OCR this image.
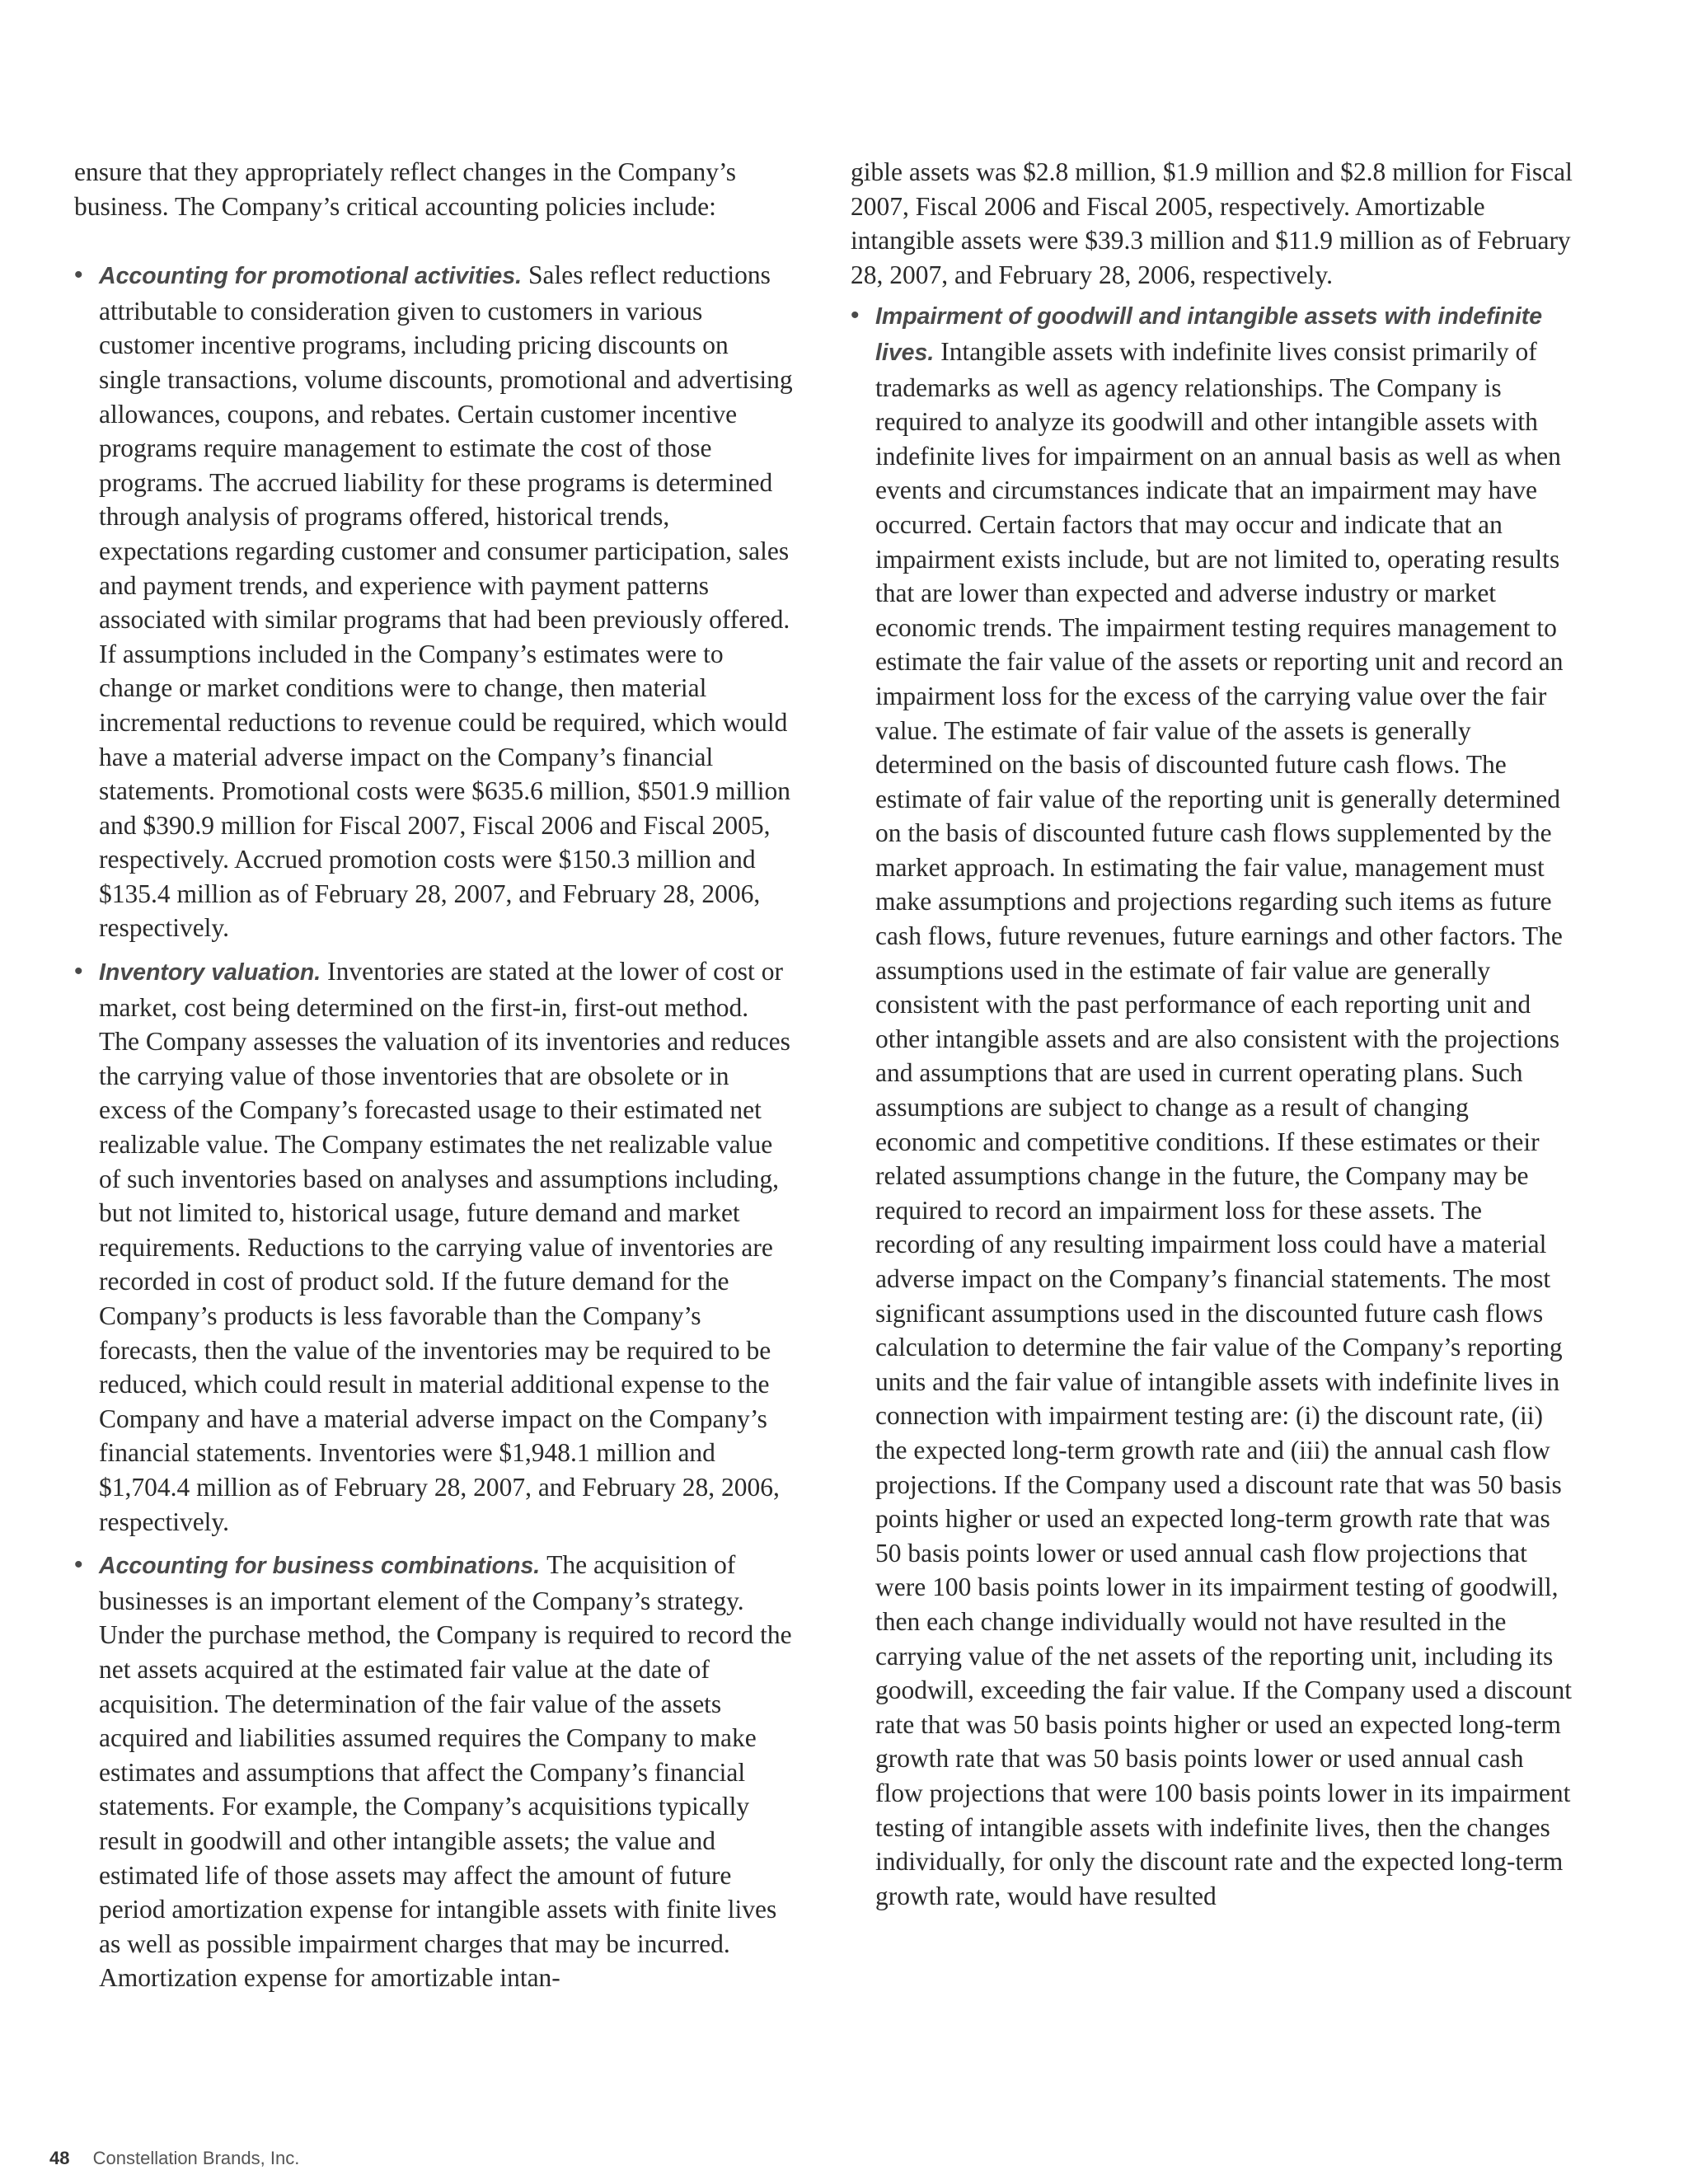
ensure that they appropriately reflect changes in the Company’s business. The Company’s critical accounting policies include:

• Accounting for promotional activities. Sales reflect reductions attributable to consideration given to customers in various customer incentive programs, including pricing discounts on single transactions, volume discounts, promotional and advertising allowances, coupons, and rebates. Certain customer incentive programs require management to estimate the cost of those programs. The accrued liability for these programs is determined through analysis of programs offered, historical trends, expectations regarding customer and consumer participation, sales and payment trends, and experience with payment patterns associated with similar programs that had been previously offered. If assumptions included in the Company’s estimates were to change or market conditions were to change, then material incremental reductions to revenue could be required, which would have a material adverse impact on the Company’s financial statements. Promotional costs were $635.6 million, $501.9 million and $390.9 million for Fiscal 2007, Fiscal 2006 and Fiscal 2005, respectively. Accrued promotion costs were $150.3 million and $135.4 million as of February 28, 2007, and February 28, 2006, respectively.
• Inventory valuation. Inventories are stated at the lower of cost or market, cost being determined on the first-in, first-out method. The Company assesses the valuation of its inventories and reduces the carrying value of those inventories that are obsolete or in excess of the Company’s forecasted usage to their estimated net realizable value. The Company estimates the net realizable value of such inventories based on analyses and assumptions including, but not limited to, historical usage, future demand and market requirements. Reductions to the carrying value of inventories are recorded in cost of product sold. If the future demand for the Company’s products is less favorable than the Company’s forecasts, then the value of the inventories may be required to be reduced, which could result in material additional expense to the Company and have a material adverse impact on the Company’s financial statements. Inventories were $1,948.1 million and $1,704.4 million as of February 28, 2007, and February 28, 2006, respectively.
• Accounting for business combinations. The acquisition of businesses is an important element of the Company’s strategy. Under the purchase method, the Company is required to record the net assets acquired at the estimated fair value at the date of acquisition. The determination of the fair value of the assets acquired and liabilities assumed requires the Company to make estimates and assumptions that affect the Company’s financial statements. For example, the Company’s acquisitions typically result in goodwill and other intangible assets; the value and estimated life of those assets may affect the amount of future period amortization expense for intangible assets with finite lives as well as possible impairment charges that may be incurred. Amortization expense for amortizable intan-

gible assets was $2.8 million, $1.9 million and $2.8 million for Fiscal 2007, Fiscal 2006 and Fiscal 2005, respectively. Amortizable intangible assets were $39.3 million and $11.9 million as of February 28, 2007, and February 28, 2006, respectively.

• Impairment of goodwill and intangible assets with indefinite lives. Intangible assets with indefinite lives consist primarily of trademarks as well as agency relationships. The Company is required to analyze its goodwill and other intangible assets with indefinite lives for impairment on an annual basis as well as when events and circumstances indicate that an impairment may have occurred. Certain factors that may occur and indicate that an impairment exists include, but are not limited to, operating results that are lower than expected and adverse industry or market economic trends. The impairment testing requires management to estimate the fair value of the assets or reporting unit and record an impairment loss for the excess of the carrying value over the fair value. The estimate of fair value of the assets is generally determined on the basis of discounted future cash flows. The estimate of fair value of the reporting unit is generally determined on the basis of discounted future cash flows supplemented by the market approach. In estimating the fair value, management must make assumptions and projections regarding such items as future cash flows, future revenues, future earnings and other factors. The assumptions used in the estimate of fair value are generally consistent with the past performance of each reporting unit and other intangible assets and are also consistent with the projections and assumptions that are used in current operating plans. Such assumptions are subject to change as a result of changing economic and competitive conditions. If these estimates or their related assumptions change in the future, the Company may be required to record an impairment loss for these assets. The recording of any resulting impairment loss could have a material adverse impact on the Company’s financial statements. The most significant assumptions used in the discounted future cash flows calculation to determine the fair value of the Company’s reporting units and the fair value of intangible assets with indefinite lives in connection with impairment testing are: (i) the discount rate, (ii) the expected long-term growth rate and (iii) the annual cash flow projections. If the Company used a discount rate that was 50 basis points higher or used an expected long-term growth rate that was 50 basis points lower or used annual cash flow projections that were 100 basis points lower in its impairment testing of goodwill, then each change individually would not have resulted in the carrying value of the net assets of the reporting unit, including its goodwill, exceeding the fair value. If the Company used a discount rate that was 50 basis points higher or used an expected long-term growth rate that was 50 basis points lower or used annual cash flow projections that were 100 basis points lower in its impairment testing of intangible assets with indefinite lives, then the changes individually, for only the discount rate and the expected long-term growth rate, would have resulted
48 Constellation Brands, Inc.
